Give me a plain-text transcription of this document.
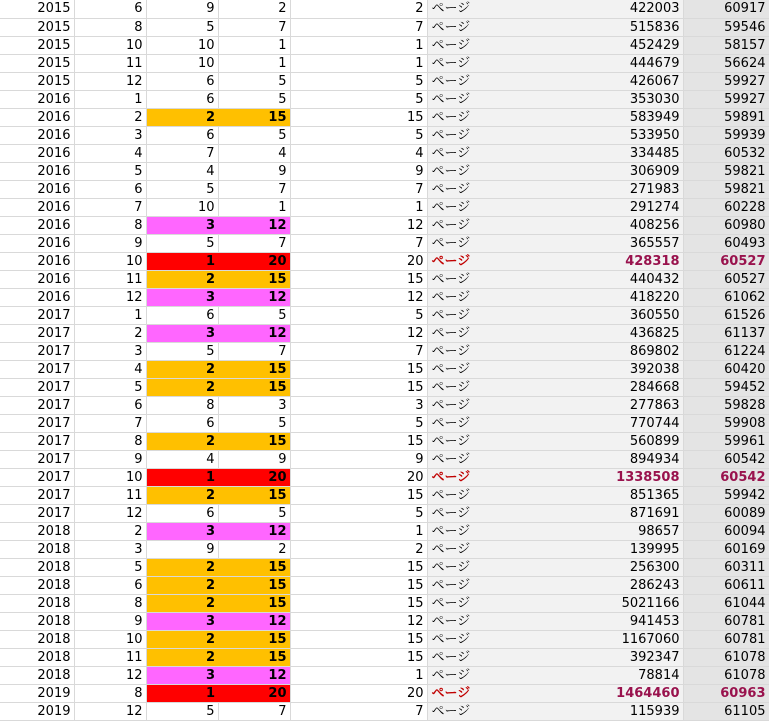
2015	6	9	2	2	ページ	422003	60917
2015	8	5	7	7	ページ	515836	59546
2015	10	10	1	1	ページ	452429	58157
2015	11	10	1	1	ページ	444679	56624
2015	12	6	5	5	ページ	426067	59927
2016	1	6	5	5	ページ	353030	59927
2016	2	2	15	15	ページ	583949	59891
2016	3	6	5	5	ページ	533950	59939
2016	4	7	4	4	ページ	334485	60532
2016	5	4	9	9	ページ	306909	59821
2016	6	5	7	7	ページ	271983	59821
2016	7	10	1	1	ページ	291274	60228
2016	8	3	12	12	ページ	408256	60980
2016	9	5	7	7	ページ	365557	60493
2016	10	1	20	20	ページ	428318	60527
2016	11	2	15	15	ページ	440432	60527
2016	12	3	12	12	ページ	418220	61062
2017	1	6	5	5	ページ	360550	61526
2017	2	3	12	12	ページ	436825	61137
2017	3	5	7	7	ページ	869802	61224
2017	4	2	15	15	ページ	392038	60420
2017	5	2	15	15	ページ	284668	59452
2017	6	8	3	3	ページ	277863	59828
2017	7	6	5	5	ページ	770744	59908
2017	8	2	15	15	ページ	560899	59961
2017	9	4	9	9	ページ	894934	60542
2017	10	1	20	20	ページ	1338508	60542
2017	11	2	15	15	ページ	851365	59942
2017	12	6	5	5	ページ	871691	60089
2018	2	3	12	1	ページ	98657	60094
2018	3	9	2	2	ページ	139995	60169
2018	5	2	15	15	ページ	256300	60311
2018	6	2	15	15	ページ	286243	60611
2018	8	2	15	15	ページ	5021166	61044
2018	9	3	12	12	ページ	941453	60781
2018	10	2	15	15	ページ	1167060	60781
2018	11	2	15	15	ページ	392347	61078
2018	12	3	12	1	ページ	78814	61078
2019	8	1	20	20	ページ	1464460	60963
2019	12	5	7	7	ページ	115939	61105
